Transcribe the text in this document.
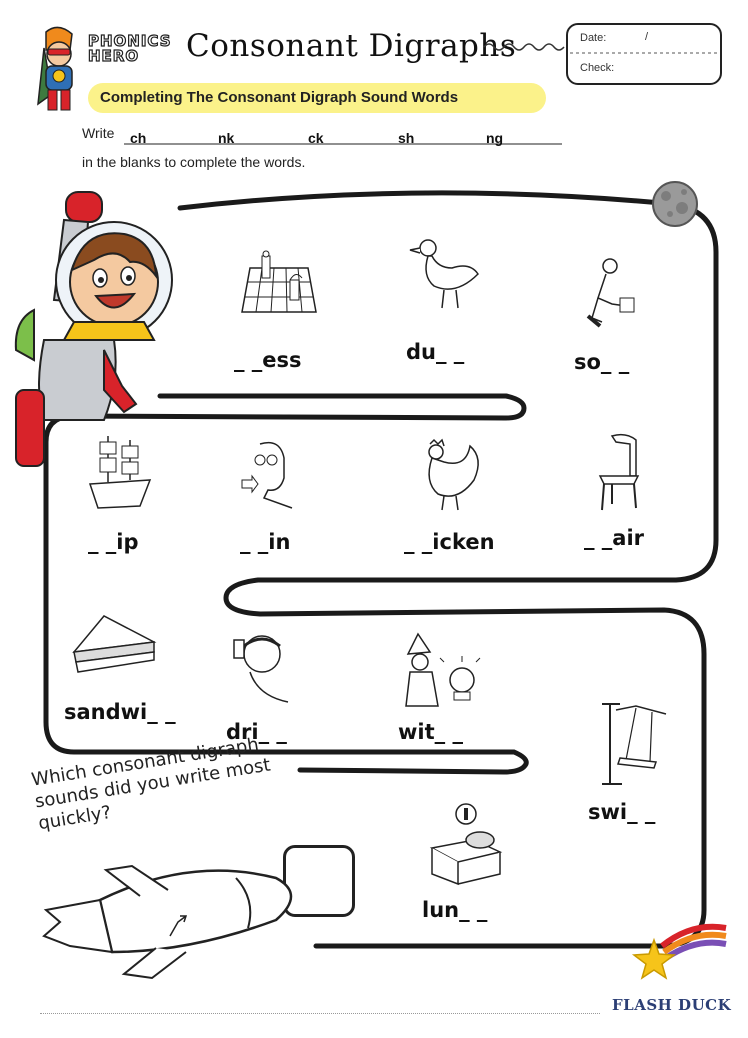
PHONICS
HERO	Consonant Digraphs
Completing The Consonant Digraph Sound Words
Date:	/
Check:
Write ch	nk	ck	sh	ng
in the blanks to complete the words.
_ _ess	du_ _	so_ _
_ _ip	_ _in	_ _icken	_ _air
sandwi_ _
dri_ _	wit_ _
swi_ _
lun_ _
Which consonant digraph sounds did you write most quickly?
FLASH DUCK
